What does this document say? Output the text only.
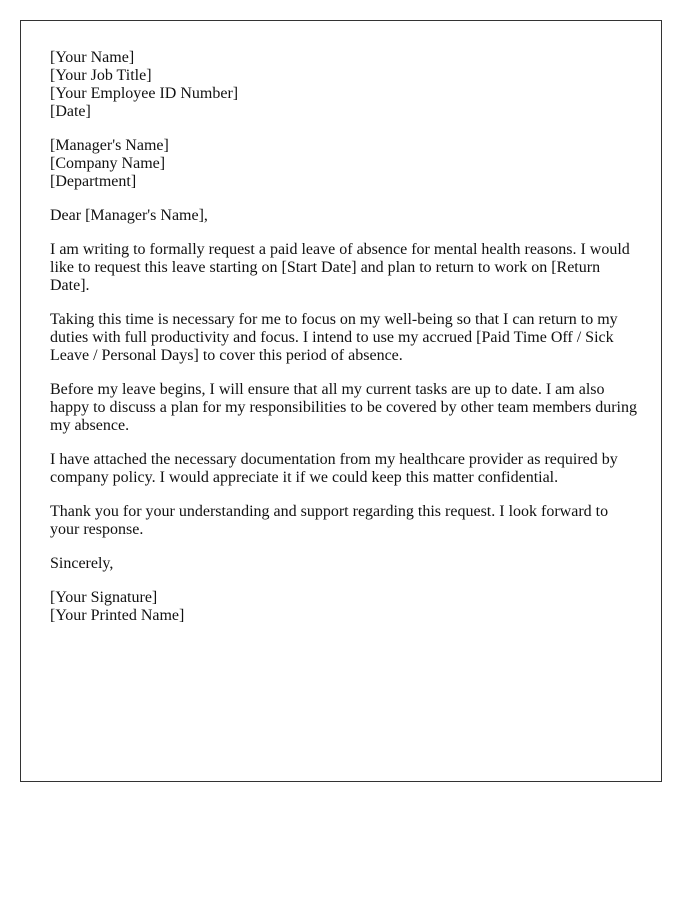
[Your Name]
[Your Job Title]
[Your Employee ID Number]
[Date]
[Manager's Name]
[Company Name]
[Department]

Dear [Manager's Name],

I am writing to formally request a paid leave of absence for mental health reasons. I would like to request this leave starting on [Start Date] and plan to return to work on [Return Date].

Taking this time is necessary for me to focus on my well-being so that I can return to my duties with full productivity and focus. I intend to use my accrued [Paid Time Off / Sick Leave / Personal Days] to cover this period of absence.

Before my leave begins, I will ensure that all my current tasks are up to date. I am also happy to discuss a plan for my responsibilities to be covered by other team members during my absence.

I have attached the necessary documentation from my healthcare provider as required by company policy. I would appreciate it if we could keep this matter confidential.

Thank you for your understanding and support regarding this request. I look forward to your response.

Sincerely,

[Your Signature]
[Your Printed Name]
